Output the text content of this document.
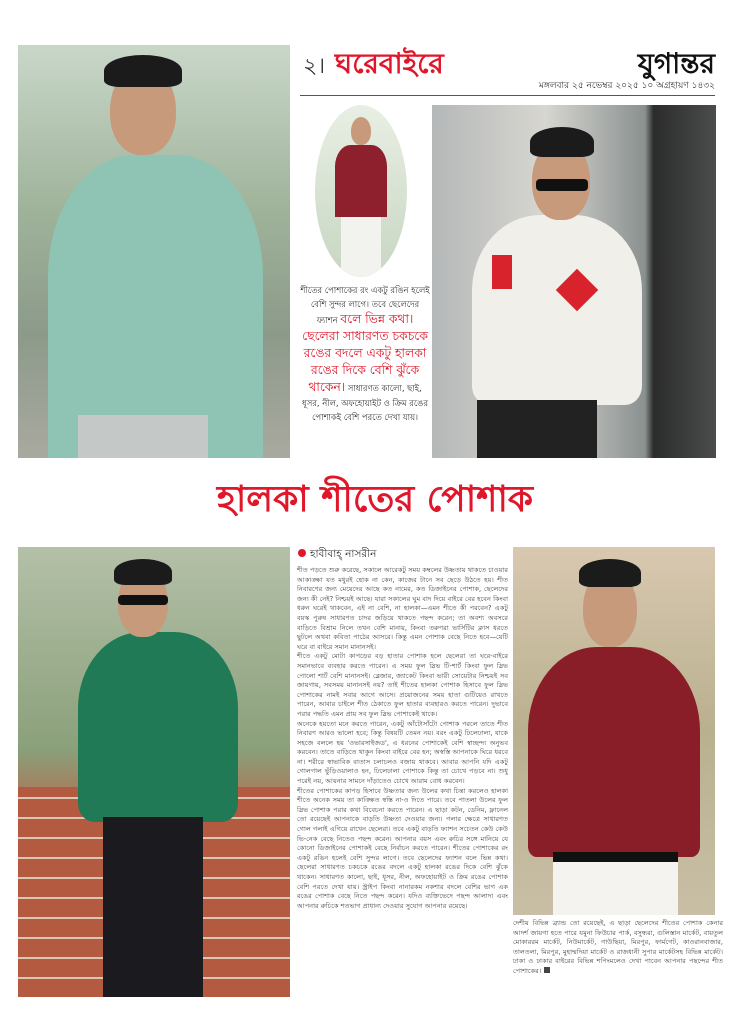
২। ঘরেবাইরে	যুগান্তর
মঙ্গলবার ২৫ নভেম্বর ২০২৫ ১০ অগ্রহায়ণ ১৪৩২
শীতের পোশাকের রং একটু রঙিন হলেই বেশি সুন্দর লাগে। তবে ছেলেদের ফ্যাশন বলে ভিন্ন কথা। ছেলেরা সাধারণত চকচকে রঙের বদলে একটু হালকা রঙের দিকে বেশি ঝুঁকে থাকেন। সাধারণত কালো, ছাই, ধূসর, নীল, অফহোয়াইট ও ক্রিম রঙের পোশাকই বেশি পরতে দেখা যায়।
হালকা শীতের পোশাক
হাবীবাহ্ নাসরীন

শীত পড়তে শুরু করেছে, সকালে আরেকটু সময় কম্বলের উষ্ণতায় থাকতে চাওয়ার আকাঙ্ক্ষা যত মধুরই হোক না কেন, কাজের টানে সব ছেড়ে উঠতে হয়। শীত নিবারণের জন্য মেয়েদের আছে কত নামের, কত ডিজাইনের পোশাক, ছেলেদের জন্য কী নেই? নিশ্চয়ই আছে। যারা সকালের ঘুম বাদ দিয়ে বাইরে বের হবেন কিংবা ধরুন ঘরেই থাকবেন, এই না বেশি, না হালকা—এমন শীতে কী পরবেন? একটু বয়স্ক পুরুষ সাধারণত চাদর জড়িয়ে থাকতে পছন্দ করেন; তা অবশ্য অবসরে বাড়িতে বিশ্রাম নিলে তখন বেশি মানায়, কিংবা তরুণরা ভার্সিটির ক্লাস ধরতে ছুটলে অথবা কবিতা পাঠের আসরে। কিন্তু এমন পোশাক বেছে নিতে হবে—যেটি ঘরে বা বাইরে সমান মানানসই।

শীতে একটু মোটা কাপড়ের বড় হাতার পোশাক হলে ছেলেরা তা ঘরে-বাইরে সমানভাবে ব্যবহার করতে পারেন। এ সময় ফুল স্লিভ টি-শার্ট কিংবা ফুল স্লিভ পোলো শার্ট বেশি মানানসই। ব্লেজার, জ্যাকেট কিংবা ভারী সোয়েটার নিশ্চয়ই সব জায়গায়, সবসময় মানানসই নয়? তাই শীতের হালকা পোশাক হিসাবে ফুল স্লিভ পোশাকের নামই সবার আগে আসে। প্রয়োজনের সময় হাতা গুটিয়েও রাখতে পারেন, আবার চাইলে শীত ঠেকাতে ফুল হাতার ব্যবহারও করতে পারেন। দুভাবে পরার পদ্ধতি এমন প্রায় সব ফুল স্লিভ পোশাকেই থাকে।

অনেকে হয়তো মনে করতে পারেন, একটু আঁটোসাঁটো পোশাক পরলে তাতে শীত নিবারণ আরও ভালো হবে; কিন্তু বিষয়টি তেমন নয়। বরং একটু ঢিলেঢালা, যাকে সহজে বললে হয় 'ওভারসাইজড', এ ধরনের পোশাকেই বেশি স্বাচ্ছন্দ্য অনুভব করবেন। তাতে বাড়িতে থাকুন কিংবা বাইরে বের হন; অস্বস্তি আপনাকে ঘিরে ধরবে না। শরীরে স্বাভাবিক বাতাস চলাচলও বজায় থাকবে। আবার আপনি যদি একটু গোলগাল ভুঁড়িওয়ালাও হন, ঢিলেঢালা পোশাকে কিন্তু তা চোখে পড়বে না। শুধু পরেই নয়, আয়নার সামনে দাঁড়াতেও চোখে আরাম বোধ করবেন।

শীতের পোশাকের কাপড় হিসাবে উষ্ণতার জন্য উলের কথা চিন্তা করলেও হালকা শীতে অনেক সময় তা কাঙ্ক্ষিত স্বস্তি না-ও দিতে পারে। তবে পাতলা উলের ফুল স্লিভ পোশাক পরার কথা বিবেচনা করতে পারেন। এ ছাড়া কটন, ডেনিম, ফ্লানেল তো রয়েছেই আপনাকে বাড়তি উষ্ণতা দেওয়ার জন্য। গলার ক্ষেত্রে সাধারণত গোল গলাই এগিয়ে রাখেন ছেলেরা। তবে একটু বাড়তি ফ্যাশন সচেতন কেউ কেউ ভি-নেক বেছে নিতেও পছন্দ করেন। আপনার বয়স এবং রুচির সঙ্গে মানিয়ে যে কোনো ডিজাইনের পোশাকই বেছে নির্বাচন করতে পারেন। শীতের পোশাকের রং একটু রঙিন হলেই বেশি সুন্দর লাগে। তবে ছেলেদের ফ্যাশন বলে ভিন্ন কথা। ছেলেরা সাধারণত চকচকে রঙের বদলে একটু হালকা রঙের দিকে বেশি ঝুঁকে থাকেন। সাধারণত কালো, ছাই, ধূসর, নীল, অফহোয়াইট ও ক্রিম রঙের পোশাক বেশি পরতে দেখা যায়। স্ট্রাইপ কিংবা নানারকম নকশার বদলে বেশির ভাগ এক রঙের পোশাক বেছে নিতে পছন্দ করেন। যদিও ব্যক্তিভেদে পছন্দ আলাদা এবং আপনার রুচিকে শতভাগ প্রাধান্য দেওয়ার সুযোগ আপনার রয়েছে।

দেশীয় বিভিন্ন ব্র্যান্ড তো রয়েছেই, এ ছাড়া ছেলেদের শীতের পোশাক কেনার আদর্শ জায়গা হতে পারে যমুনা ফিউচার পার্ক, বসুন্ধরা, গুলিস্তান মার্কেট, বায়তুল মোকাররম মার্কেট, নিউমার্কেট, গাউছিয়া, মিরপুর, ফার্মগেট, কাওরানবাজার, তালতলা, মিরপুর, মুহাম্মদিয়া মার্কেট ও রাজধানী সুপার মার্কেটসহ বিভিন্ন মার্কেট। ঢাকা ও ঢাকার বাইরের বিভিন্ন শপিংমলেও দেখা পাবেন আপনার পছন্দের শীত পোশাকের।
